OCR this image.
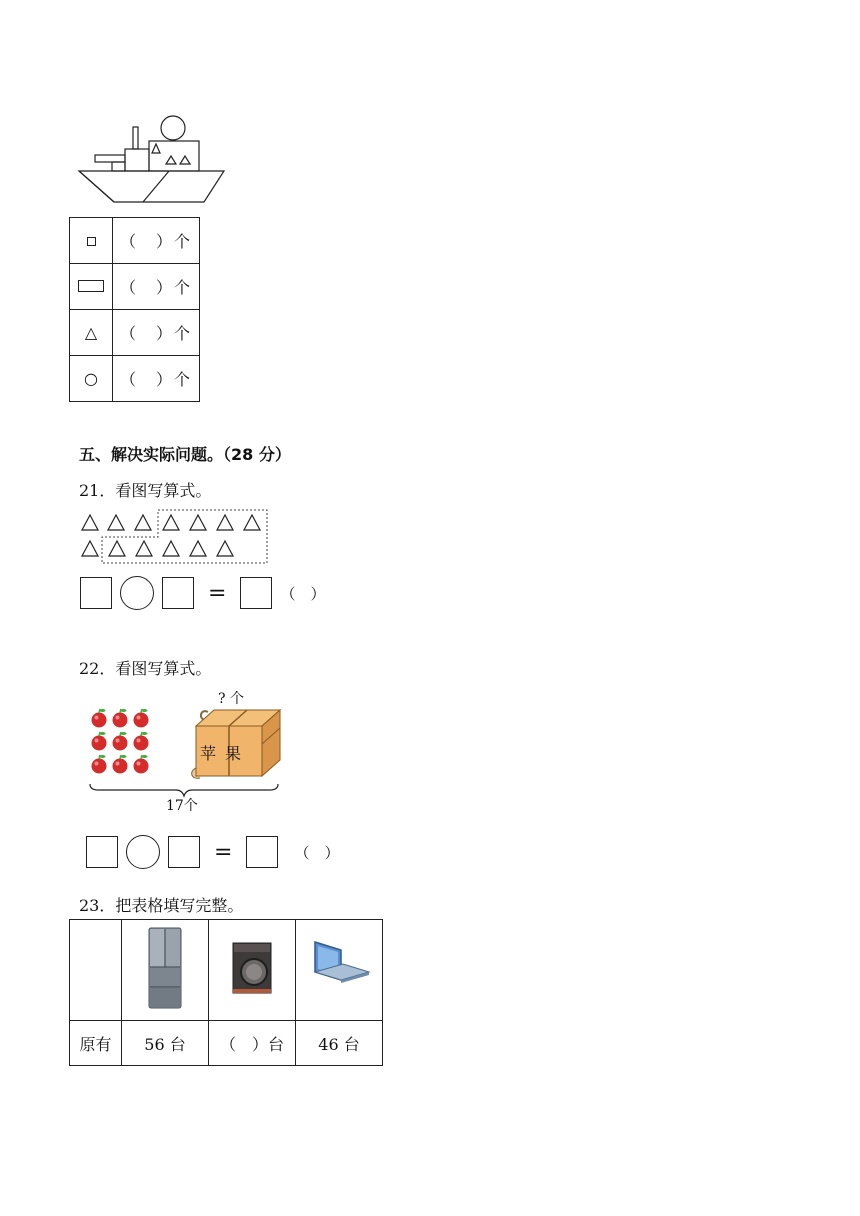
	（　）个
	（　）个
△	（　）个
○	（　）个
五、解决实际问题。（28 分）
21．看图写算式。
=	（　）
22．看图写算式。
? 个
苹 果
17个
=	（　）
23．把表格填写完整。

原有	56 台	（　）台	46 台
